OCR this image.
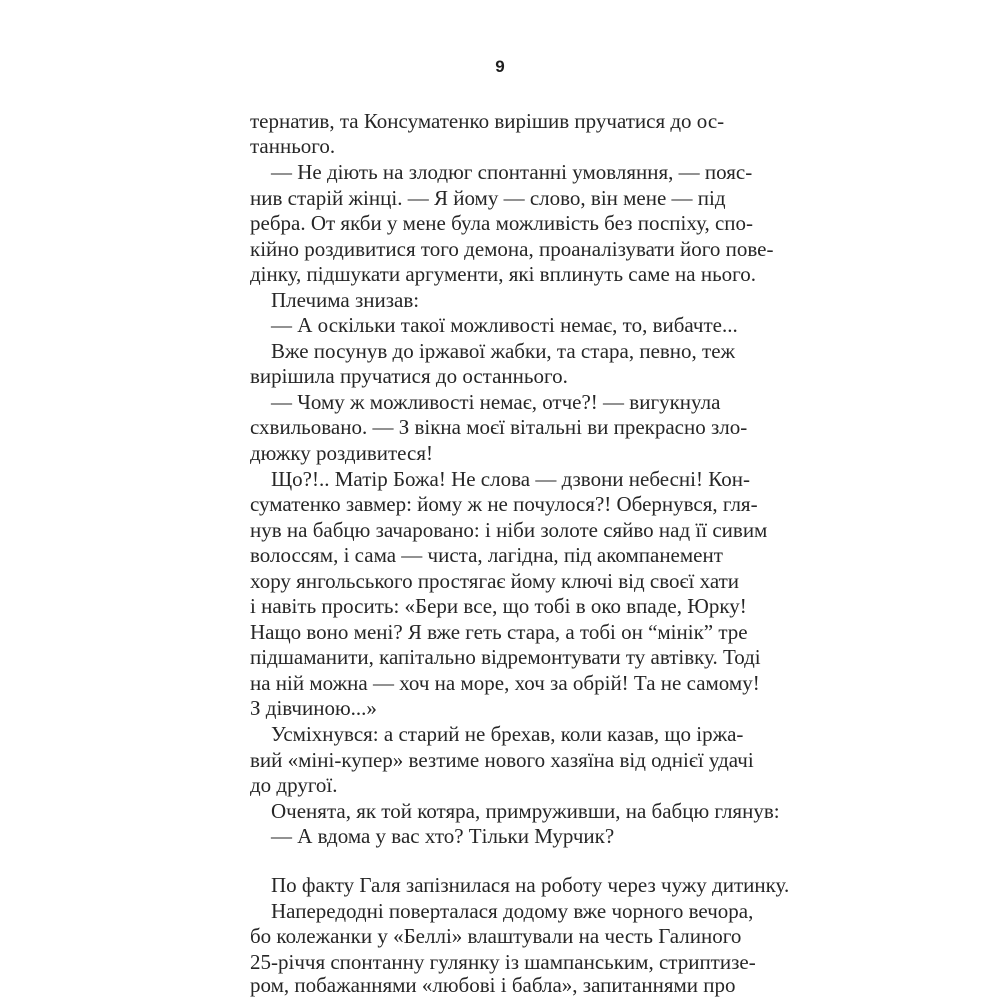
9
тернатив, та Консуматенко вирішив пручатися до ос-
таннього.
— Не діють на злодюг спонтанні умовляння, — пояс-
нив старій жінці. — Я йому — слово, він мене — під
ребра. От якби у мене була можливість без поспіху, спо-
кійно роздивитися того демона, проаналізувати його пове-
дінку, підшукати аргументи, які вплинуть саме на нього.
Плечима знизав:
— А оскільки такої можливості немає, то, вибачте...
Вже посунув до іржавої жабки, та стара, певно, теж
вирішила пручатися до останнього.
— Чому ж можливості немає, отче?! — вигукнула
схвильовано. — З вікна моєї вітальні ви прекрасно зло-
дюжку роздивитеся!
Що?!.. Матір Божа! Не слова — дзвони небесні! Кон-
суматенко завмер: йому ж не почулося?! Обернувся, гля-
нув на бабцю зачаровано: і ніби золоте сяйво над її сивим
волоссям, і сама — чиста, лагідна, під акомпанемент
хору янгольського простягає йому ключі від своєї хати
і навіть просить: «Бери все, що тобі в око впаде, Юрку!
Нащо воно мені? Я вже геть стара, а тобі он “мінік” тре
підшаманити, капітально відремонтувати ту автівку. Тоді
на ній можна — хоч на море, хоч за обрій! Та не самому!
З дівчиною...»
Усміхнувся: а старий не брехав, коли казав, що іржа-
вий «міні-купер» везтиме нового хазяїна від однієї удачі
до другої.
Оченята, як той котяра, примруживши, на бабцю глянув:
— А вдома у вас хто? Тільки Мурчик?
По факту Галя запізнилася на роботу через чужу дитинку.
Напередодні поверталася додому вже чорного вечора,
бо колежанки у «Беллі» влаштували на честь Галиного
25-річчя спонтанну гулянку із шампанським, стриптизе-
ром, побажаннями «любові і бабла», запитаннями про
